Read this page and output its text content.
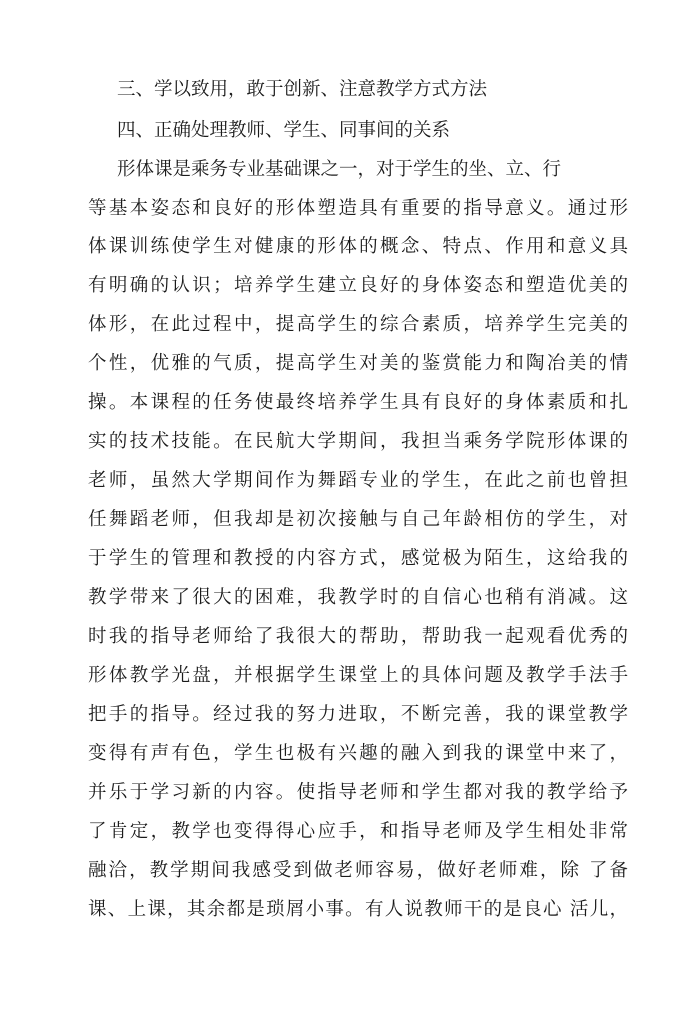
三、学以致用，敢于创新、注意教学方式方法
四、正确处理教师、学生、同事间的关系
形体课是乘务专业基础课之一，对于学生的坐、立、行
等基本姿态和良好的形体塑造具有重要的指导意义。通过形
体课训练使学生对健康的形体的概念、特点、作用和意义具
有明确的认识；培养学生建立良好的身体姿态和塑造优美的
体形，在此过程中，提高学生的综合素质，培养学生完美的
个性，优雅的气质，提高学生对美的鉴赏能力和陶冶美的情
操。本课程的任务使最终培养学生具有良好的身体素质和扎
实的技术技能。在民航大学期间，我担当乘务学院形体课的
老师，虽然大学期间作为舞蹈专业的学生，在此之前也曾担
任舞蹈老师，但我却是初次接触与自己年龄相仿的学生，对
于学生的管理和教授的内容方式，感觉极为陌生，这给我的
教学带来了很大的困难，我教学时的自信心也稍有消减。这
时我的指导老师给了我很大的帮助，帮助我一起观看优秀的
形体教学光盘，并根据学生课堂上的具体问题及教学手法手
把手的指导。经过我的努力进取，不断完善，我的课堂教学
变得有声有色，学生也极有兴趣的融入到我的课堂中来了，
并乐于学习新的内容。使指导老师和学生都对我的教学给予
了肯定，教学也变得得心应手，和指导老师及学生相处非常
融洽，教学期间我感受到做老师容易，做好老师难，除 了备
课、上课，其余都是琐屑小事。有人说教师干的是良心 活儿，
